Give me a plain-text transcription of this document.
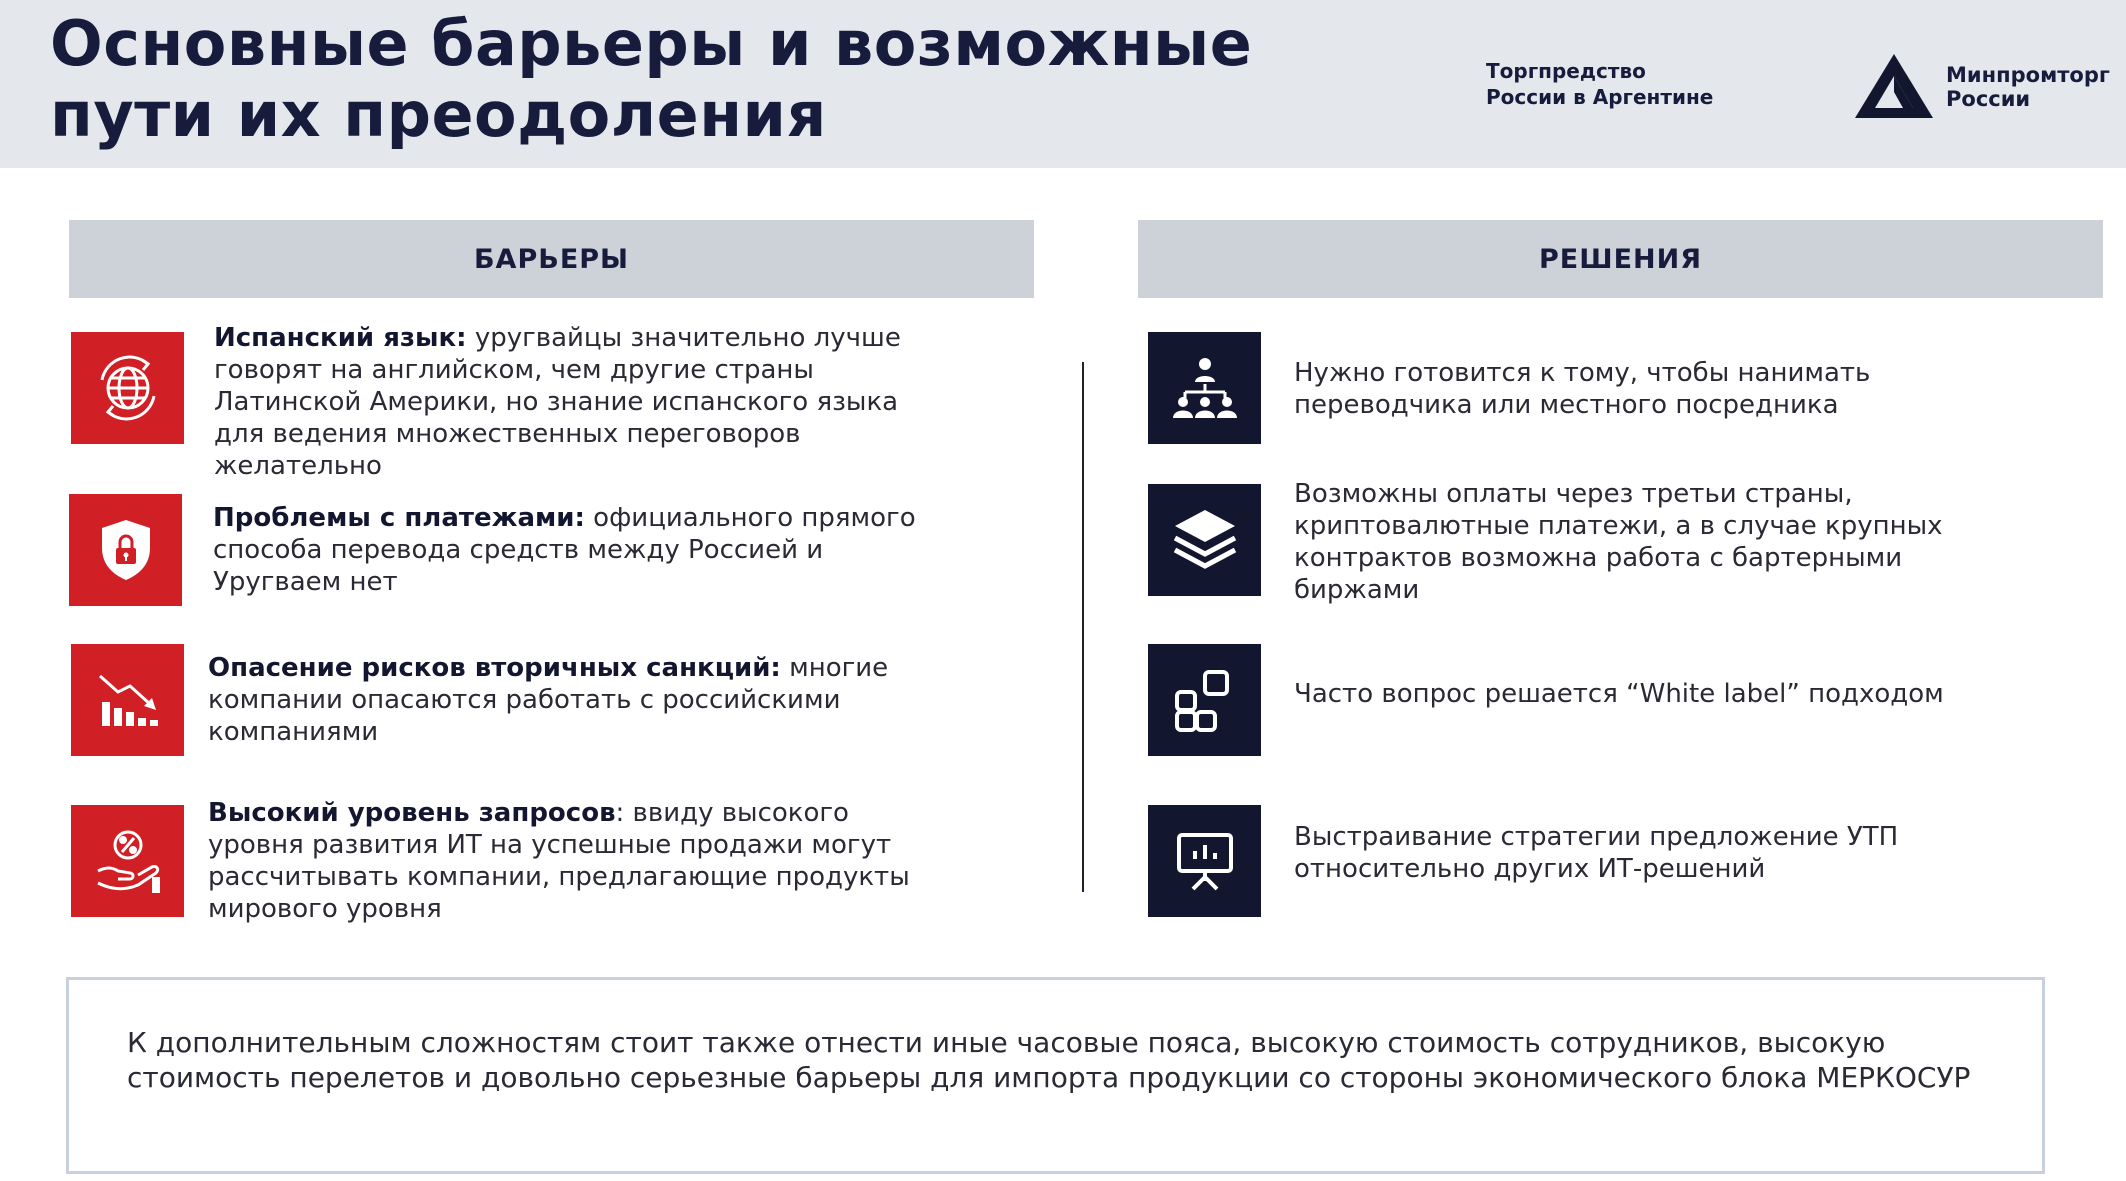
Основные барьеры и возможные
пути их преодоления
Торгпредство
России в Аргентине
Минпромторг
России
БАРЬЕРЫ	РЕШЕНИЯ
Испанский язык: уругвайцы значительно лучше говорят на английском, чем другие страны Латинской Америки, но знание испанского языка для ведения множественных переговоров желательно
Проблемы с платежами: официального прямого способа перевода средств между Россией и Уругваем нет
Опасение рисков вторичных санкций: многие компании опасаются работать с российскими компаниями
Высокий уровень запросов: ввиду высокого уровня развития ИТ на успешные продажи могут рассчитывать компании, предлагающие продукты мирового уровня
Нужно готовится к тому, чтобы нанимать переводчика или местного посредника
Возможны оплаты через третьи страны, криптовалютные платежи, а в случае крупных контрактов возможна работа с бартерными биржами
Часто вопрос решается “White label” подходом
Выстраивание стратегии предложение УТП относительно других ИТ-решений
К дополнительным сложностям стоит также отнести иные часовые пояса, высокую стоимость сотрудников, высокую стоимость перелетов и довольно серьезные барьеры для импорта продукции со стороны экономического блока МЕРКОСУР
